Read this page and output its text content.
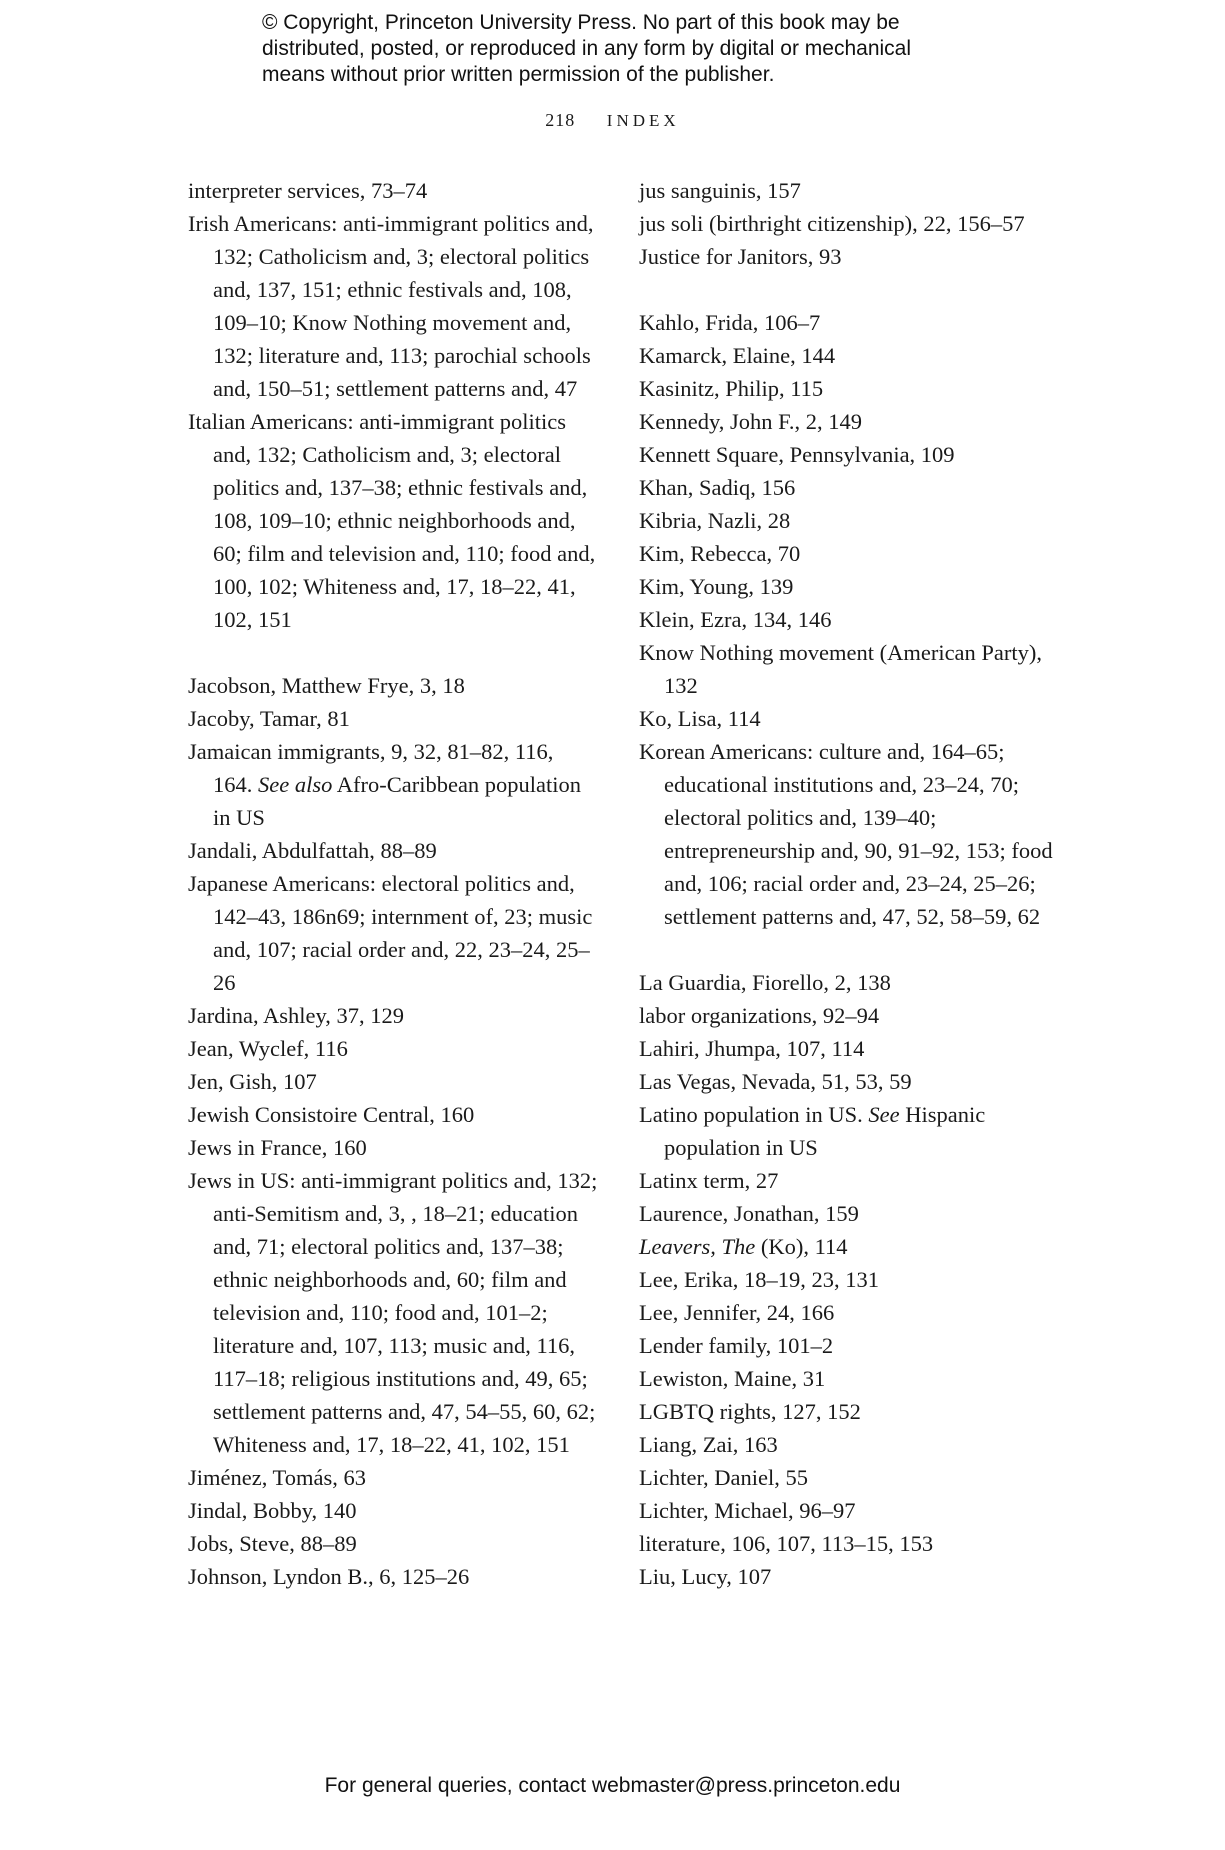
© Copyright, Princeton University Press. No part of this book may be
distributed, posted, or reproduced in any form by digital or mechanical
means without prior written permission of the publisher.
218 INDEX
interpreter services, 73–74
Irish Americans: anti-immigrant politics and, 132; Catholicism and, 3; electoral politics and, 137, 151; ethnic festivals and, 108, 109–10; Know Nothing movement and, 132; literature and, 113; parochial schools and, 150–51; settlement patterns and, 47
Italian Americans: anti-immigrant politics and, 132; Catholicism and, 3; electoral politics and, 137–38; ethnic festivals and, 108, 109–10; ethnic neighborhoods and, 60; film and television and, 110; food and, 100, 102; Whiteness and, 17, 18–22, 41, 102, 151
Jacobson, Matthew Frye, 3, 18
Jacoby, Tamar, 81
Jamaican immigrants, 9, 32, 81–82, 116, 164. See also Afro-Caribbean population in US
Jandali, Abdulfattah, 88–89
Japanese Americans: electoral politics and, 142–43, 186n69; internment of, 23; music and, 107; racial order and, 22, 23–24, 25–26
Jardina, Ashley, 37, 129
Jean, Wyclef, 116
Jen, Gish, 107
Jewish Consistoire Central, 160
Jews in France, 160
Jews in US: anti-immigrant politics and, 132; anti-Semitism and, 3, , 18–21; education and, 71; electoral politics and, 137–38; ethnic neighborhoods and, 60; film and television and, 110; food and, 101–2; literature and, 107, 113; music and, 116, 117–18; religious institutions and, 49, 65; settlement patterns and, 47, 54–55, 60, 62; Whiteness and, 17, 18–22, 41, 102, 151
Jiménez, Tomás, 63
Jindal, Bobby, 140
Jobs, Steve, 88–89
Johnson, Lyndon B., 6, 125–26
jus sanguinis, 157
jus soli (birthright citizenship), 22, 156–57
Justice for Janitors, 93
Kahlo, Frida, 106–7
Kamarck, Elaine, 144
Kasinitz, Philip, 115
Kennedy, John F., 2, 149
Kennett Square, Pennsylvania, 109
Khan, Sadiq, 156
Kibria, Nazli, 28
Kim, Rebecca, 70
Kim, Young, 139
Klein, Ezra, 134, 146
Know Nothing movement (American Party), 132
Ko, Lisa, 114
Korean Americans: culture and, 164–65; educational institutions and, 23–24, 70; electoral politics and, 139–40; entrepreneurship and, 90, 91–92, 153; food and, 106; racial order and, 23–24, 25–26; settlement patterns and, 47, 52, 58–59, 62
La Guardia, Fiorello, 2, 138
labor organizations, 92–94
Lahiri, Jhumpa, 107, 114
Las Vegas, Nevada, 51, 53, 59
Latino population in US. See Hispanic population in US
Latinx term, 27
Laurence, Jonathan, 159
Leavers, The (Ko), 114
Lee, Erika, 18–19, 23, 131
Lee, Jennifer, 24, 166
Lender family, 101–2
Lewiston, Maine, 31
LGBTQ rights, 127, 152
Liang, Zai, 163
Lichter, Daniel, 55
Lichter, Michael, 96–97
literature, 106, 107, 113–15, 153
Liu, Lucy, 107
For general queries, contact webmaster@press.princeton.edu
